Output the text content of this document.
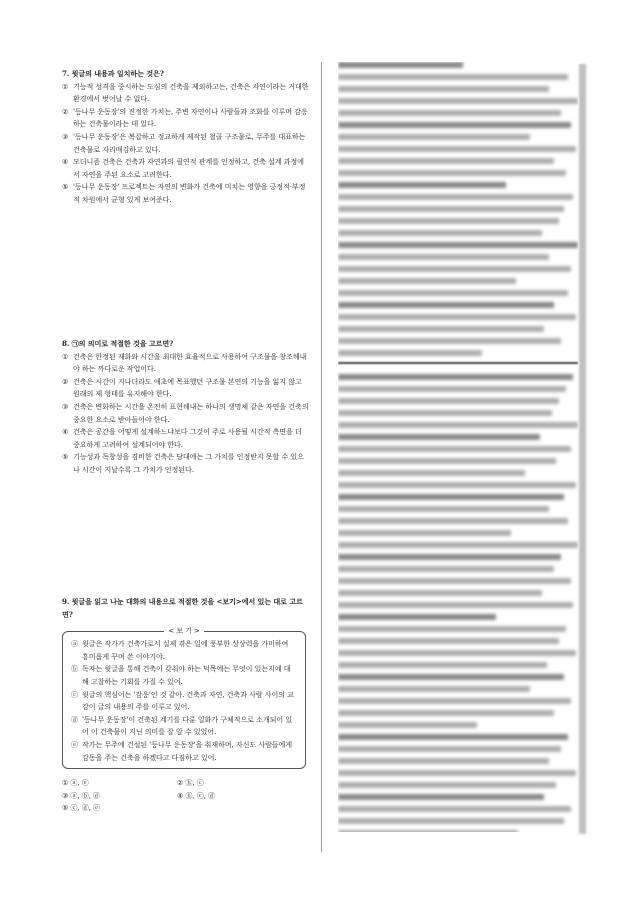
7. 윗글의 내용과 일치하는 것은?

① 기능적 성격을 중시하는 도심의 건축을 제외하고는, 건축은 자연이라는 거대한 환경에서 벗어날 수 없다.
② '등나무 운동장'의 진정한 가치는, 주변 자연이나 사람들과 조화를 이루며 감응하는 건축물이라는 데 있다.
③ '등나무 운동장'은 복잡하고 정교하게 제작된 철골 구조물로, 무주를 대표하는 건축물로 자리매김하고 있다.
④ 모더니즘 건축은 건축과 자연과의 필연적 관계를 인정하고, 건축 설계 과정에서 자연을 주된 요소로 고려한다.
⑤ '등나무 운동장' 프로젝트는 자연의 변화가 건축에 미치는 영향을 긍정적·부정적 차원에서 균형 있게 보여준다.

8. ㉠의 의미로 적절한 것을 고르면?

① 건축은 한정된 재화와 시간을 최대한 효율적으로 사용하여 구조물을 창조해내야 하는 까다로운 작업이다.
② 건축은 시간이 지나더라도 애초에 목표했던 구조물 본연의 기능을 잃지 않고 원래의 제 형태를 유지해야 한다.
③ 건축은 변화하는 시간을 온전히 표현해내는 하나의 생명체 같은 자연을 건축의 중요한 요소로 받아들어야 한다.
④ 건축은 공간을 어떻게 설계하느냐보다 그것이 주로 사용될 시간적 측면을 더 중요하게 고려하여 설계되어야 한다.
⑤ 기능성과 독창성을 겸비한 건축은 당대에는 그 가치를 인정받지 못할 수 있으나 시간이 지날수록 그 가치가 인정된다.

9. 윗글을 읽고 나눈 대화의 내용으로 적절한 것을 <보기>에서 있는 대로 고르면?

< 보 기 >
ⓐ 윗글은 작가가 건축가로서 실제 겪은 일에 풍부한 상상력을 가미하여 흥미롭게 꾸며 쓴 이야기야.
ⓑ 독자는 윗글을 통해 건축이 갖춰야 하는 덕목에는 무엇이 있는지에 대해 고찰하는 기회를 가질 수 있어.
ⓒ 윗글의 핵심어는 '감응'인 것 같아. 건축과 자연, 건축과 사람 사이의 교감이 글의 내용의 주를 이루고 있어.
ⓓ '등나무 운동장'이 건축된 계기를 다룬 일화가 구체적으로 소개되어 있어 이 건축물이 지닌 의미를 잘 알 수 있었어.
ⓔ 작가는 무주에 건설된 '등나무 운동장'을 취재하며, 자신도 사람들에게 감동을 주는 건축을 하겠다고 다짐하고 있어.
① ⓐ, ⓔ	② ⓑ, ⓒ
③ ⓐ, ⓑ, ⓓ	④ ⓑ, ⓒ, ⓓ
⑤ ⓒ, ⓓ, ⓔ
